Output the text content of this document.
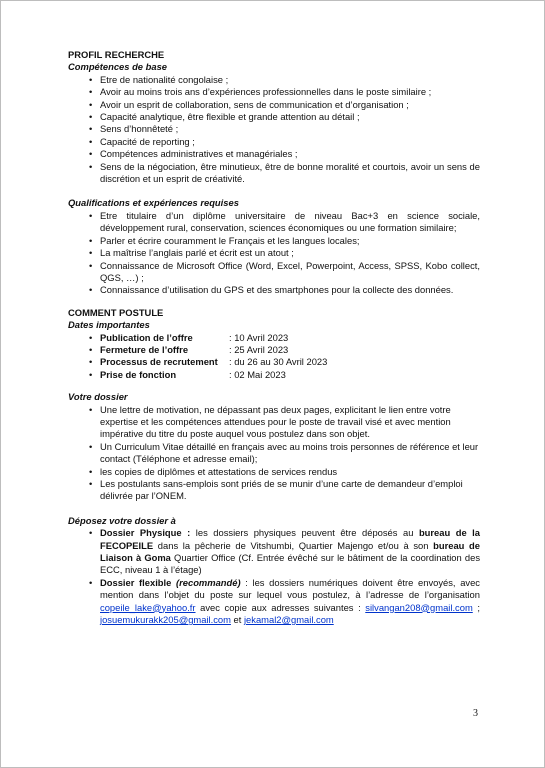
PROFIL RECHERCHE

Compétences de base

• Etre de nationalité congolaise ;
• Avoir au moins trois ans d’expériences professionnelles dans le poste similaire ;
• Avoir un esprit de collaboration, sens de communication et d’organisation ;
• Capacité analytique, être flexible et grande attention au détail ;
• Sens d’honnêteté ;
• Capacité de reporting ;
• Compétences administratives et managériales ;
• Sens de la négociation, être minutieux, être de bonne moralité et courtois, avoir un sens de discrétion et un esprit de créativité.

Qualifications et expériences requises

• Etre titulaire d’un diplôme universitaire de niveau Bac+3 en science sociale, développement rural, conservation, sciences économiques ou une formation similaire;
• Parler et écrire couramment le Français et les langues locales;
• La maîtrise l’anglais parlé et écrit est un atout ;
• Connaissance de Microsoft Office (Word, Excel, Powerpoint, Access, SPSS, Kobo collect, QGS, …) ;
• Connaissance d’utilisation du GPS et des smartphones pour la collecte des données.

COMMENT POSTULE

Dates importantes

•	Publication de l’offre	: 10 Avril 2023
•	Fermeture de l’offre	: 25 Avril 2023
•	Processus de recrutement	: du 26 au 30 Avril 2023
•	Prise de fonction	: 02 Mai 2023

Votre dossier

• Une lettre de motivation, ne dépassant pas deux pages, explicitant le lien entre votre expertise et les compétences attendues pour le poste de travail visé et avec mention impérative du titre du poste auquel vous postulez dans son objet.
• Un Curriculum Vitae détaillé en français avec au moins trois personnes de référence et leur contact (Téléphone et adresse email);
• les copies de diplômes et attestations de services rendus
• Les postulants sans-emplois sont priés de se munir d’une carte de demandeur d’emploi délivrée par l’ONEM.

Déposez votre dossier à

• Dossier Physique : les dossiers physiques peuvent être déposés au bureau de la FECOPEILE dans la pêcherie de Vitshumbi, Quartier Majengo et/ou à son bureau de Liaison à Goma Quartier Office (Cf. Entrée évêché sur le bâtiment de la coordination des ECC, niveau 1 à l’étage)
• Dossier flexible (recommandé) : les dossiers numériques doivent être envoyés, avec mention dans l’objet du poste sur lequel vous postulez, à l’adresse de l’organisation copeile_lake@yahoo.fr avec copie aux adresses suivantes : silvangan208@gmail.com ; josuemukurakk205@gmail.com et jekamal2@gmail.com
3
